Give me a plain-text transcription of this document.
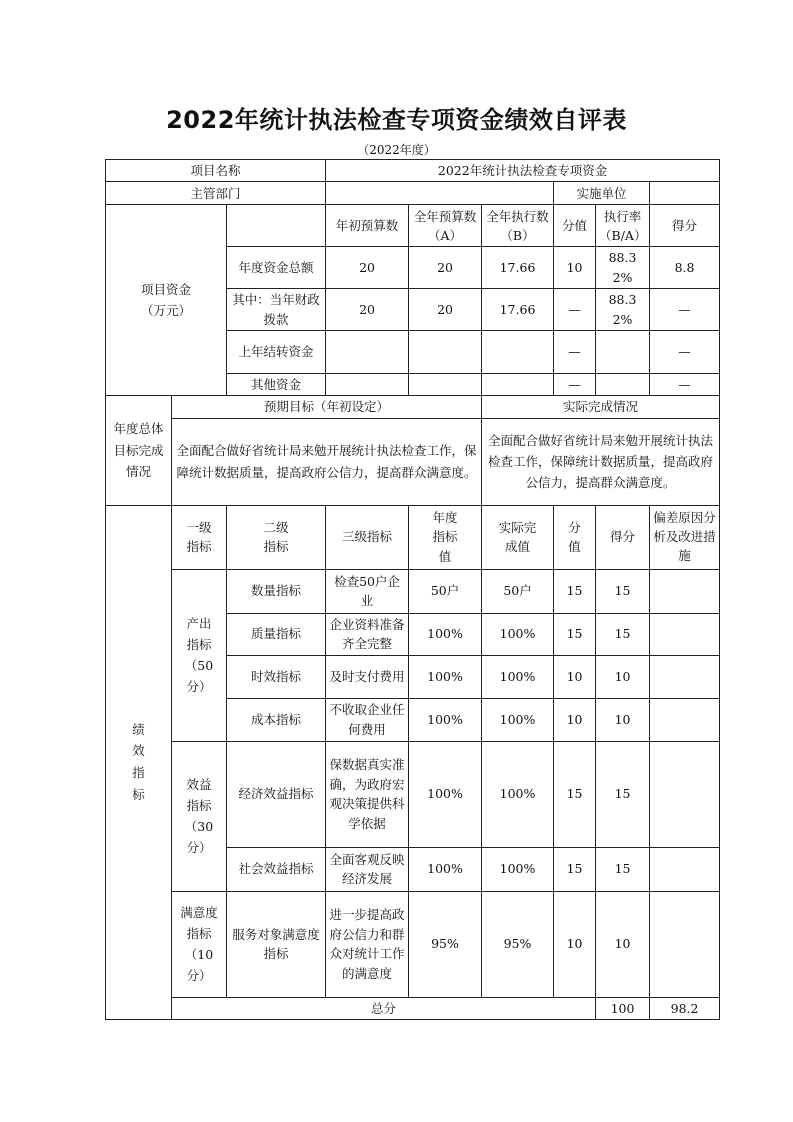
2022年统计执法检查专项资金绩效自评表
（2022年度）
项目名称			2022年统计执法检查专项资金						
主管部门						实施单位			

项目资金（万元）			年初预算数	全年预算数（A）	全年执行数（B）	分值	执行率（B/A）	得分	
		年度资金总额	20	20	17.66	10	88.32%	8.8	
		其中：当年财政拨款	20	20	17.66	—	88.32%	—	

		上年结转资金				—		—	
		其他资金				—		—	

年度总体目标完成情况	预期目标（年初设定）				实际完成情况				
	全面配合做好省统计局来勉开展统计执法检查工作，保障统计数据质量，提高政府公信力，提高群众满意度。				全面配合做好省统计局来勉开展统计执法检查工作，保障统计数据质量，提高政府公信力，提高群众满意度。				

绩效指标	一级指标	二级指标	三级指标	年度指标值	实际完成值	分值	得分	偏差原因分析及改进措施	

	产出指标（50分）	数量指标	检查50户企业	50户	50户	15	15		
		质量指标	企业资料准备齐全完整	100%	100%	15	15		
		时效指标	及时支付费用	100%	100%	10	10		
		成本指标	不收取企业任何费用	100%	100%	10	10		

	效益指标（30分）	经济效益指标	保数据真实准确，为政府宏观决策提供科学依据	100%	100%	15	15		
		社会效益指标	全面客观反映经济发展	100%	100%	15	15		

	满意度指标（10分）	服务对象满意度指标	进一步提高政府公信力和群众对统计工作的满意度	95%	95%	10	10		
	总分						100	98.2	
